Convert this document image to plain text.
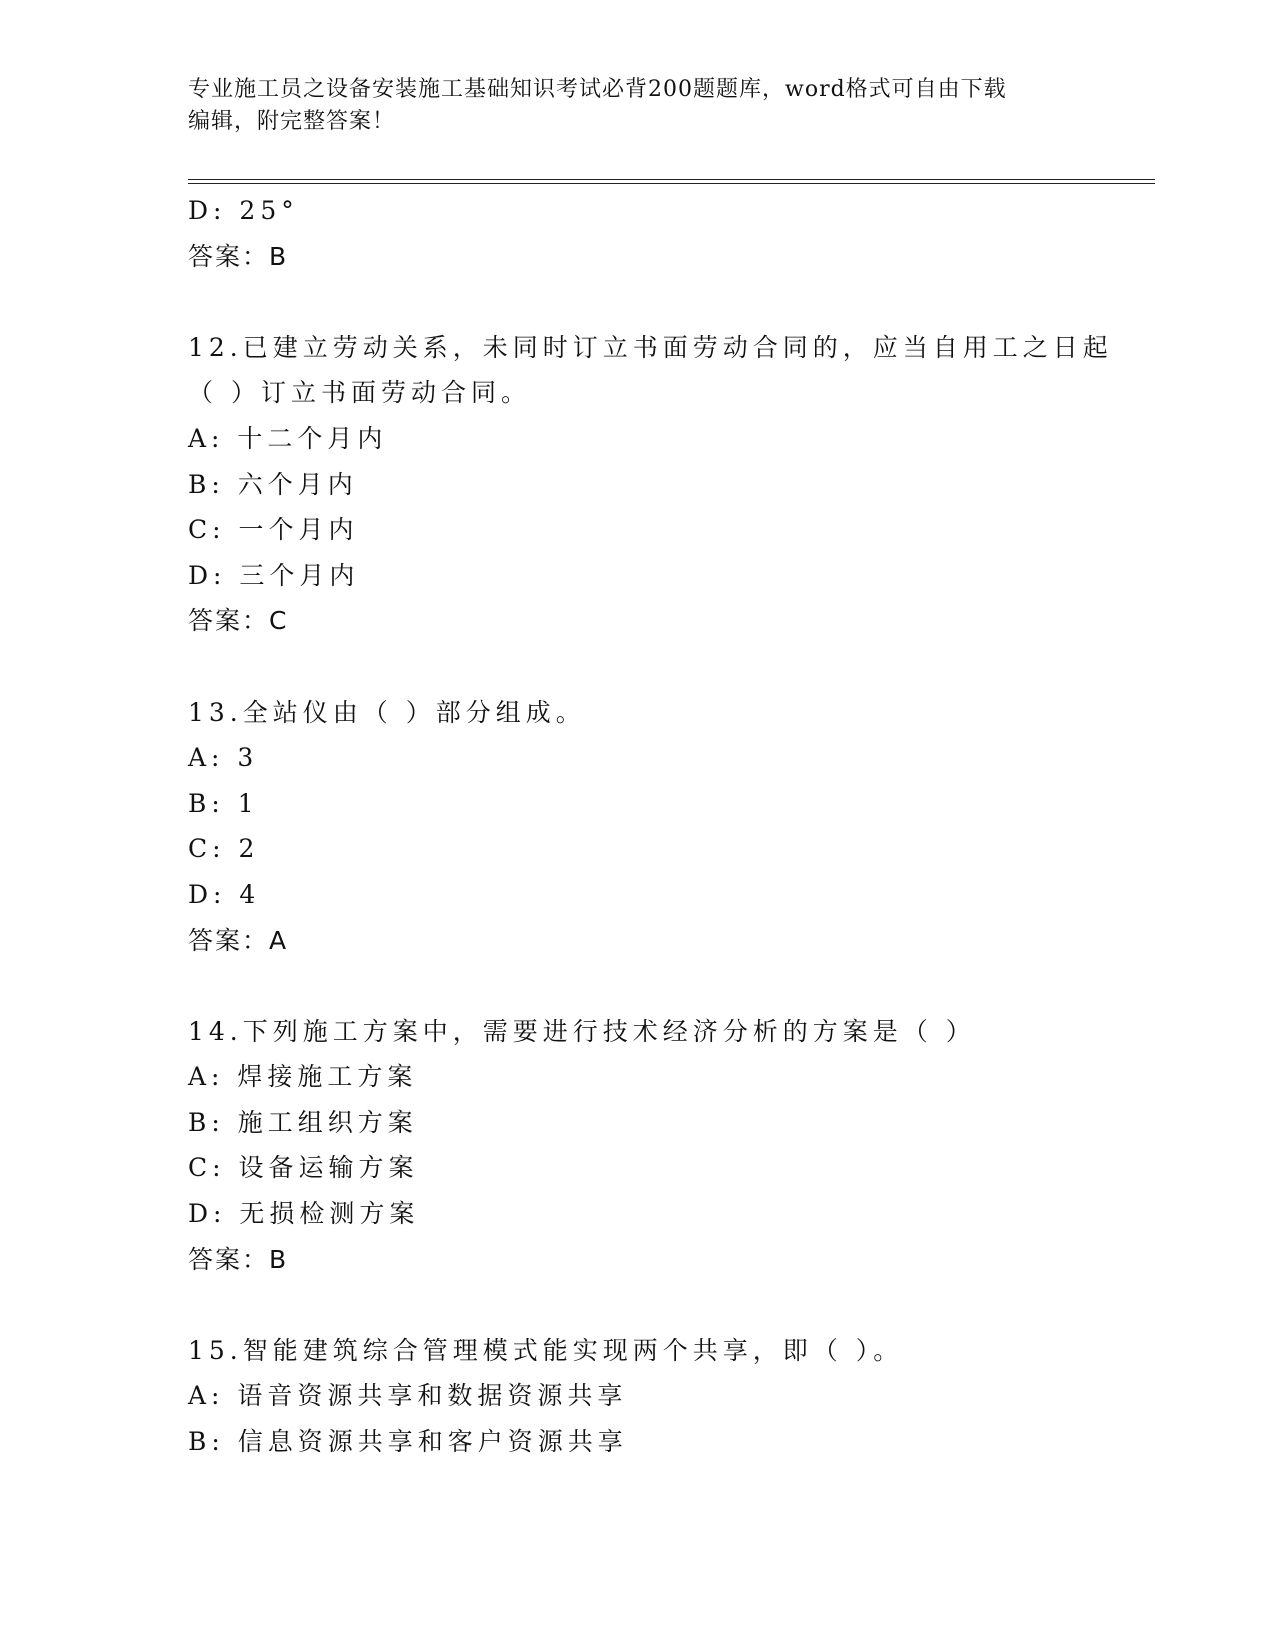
专业施工员之设备安装施工基础知识考试必背200题题库，word格式可自由下载
编辑，附完整答案！
D: 25°
答案：B
12.已建立劳动关系，未同时订立书面劳动合同的，应当自用工之日起
（ ）订立书面劳动合同。
A: 十二个月内
B: 六个月内
C: 一个月内
D: 三个月内
答案：C
13.全站仪由（ ）部分组成。
A: 3
B: 1
C: 2
D: 4
答案：A
14.下列施工方案中，需要进行技术经济分析的方案是（ ）
A: 焊接施工方案
B: 施工组织方案
C: 设备运输方案
D: 无损检测方案
答案：B
15.智能建筑综合管理模式能实现两个共享，即（ ）。
A: 语音资源共享和数据资源共享
B: 信息资源共享和客户资源共享
